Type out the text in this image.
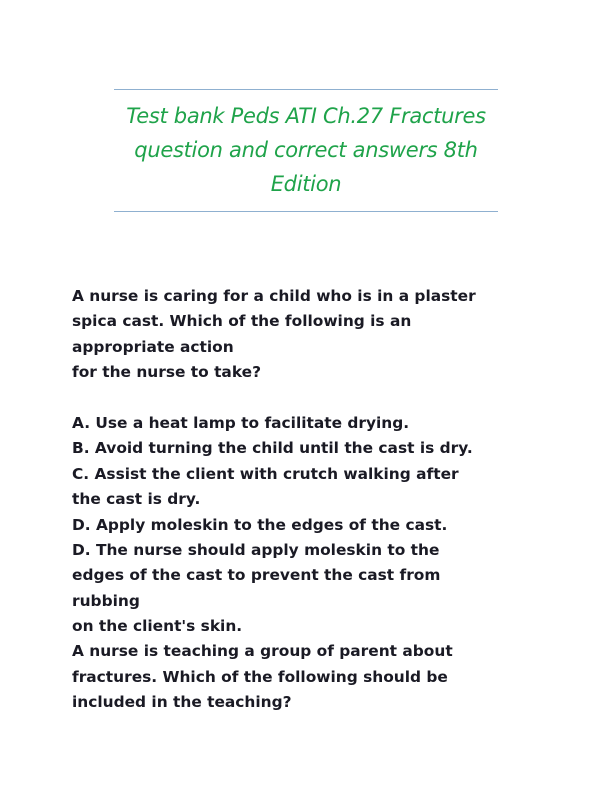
Test bank Peds ATI Ch.27 Fractures
question and correct answers 8th
Edition
A nurse is caring for a child who is in a plaster
spica cast. Which of the following is an
appropriate action
for the nurse to take?
A. Use a heat lamp to facilitate drying.
B. Avoid turning the child until the cast is dry.
C. Assist the client with crutch walking after
the cast is dry.
D. Apply moleskin to the edges of the cast.
D. The nurse should apply moleskin to the
edges of the cast to prevent the cast from
rubbing
on the client's skin.
A nurse is teaching a group of parent about
fractures. Which of the following should be
included in the teaching?
